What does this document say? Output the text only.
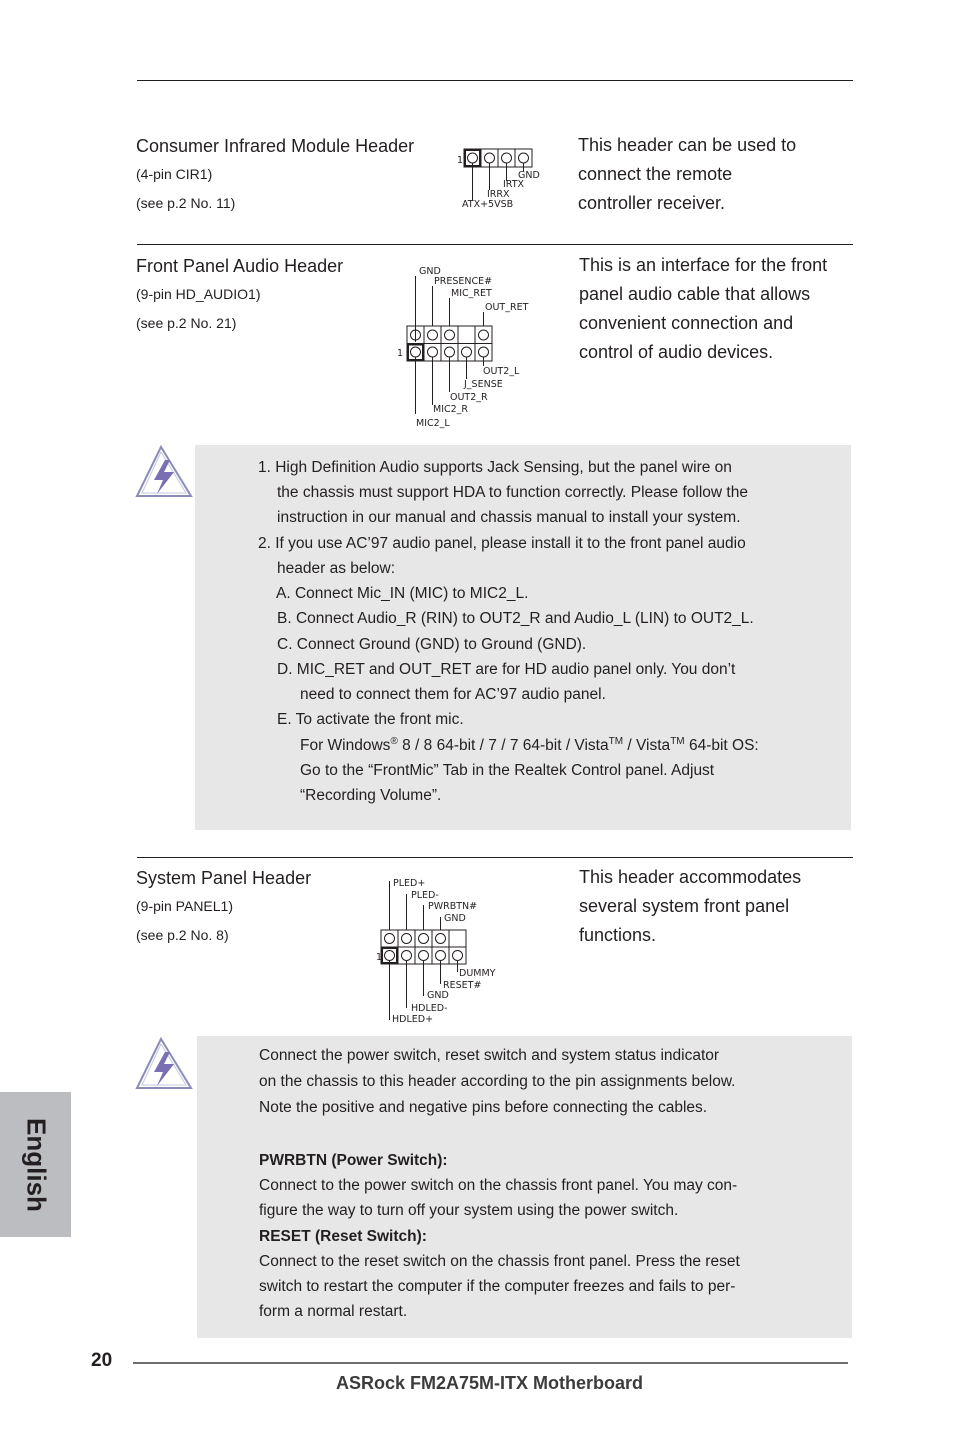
Consumer Infrared Module Header
(4-pin CIR1)
(see p.2 No. 11)
1
GND
IRTX
IRRX
ATX+5VSB
This header can be used to
connect the remote
controller receiver.
Front Panel Audio Header
(9-pin HD_AUDIO1)
(see p.2 No. 21)
GND
PRESENCE#
MIC_RET
OUT_RET
1
OUT2_L
J_SENSE
OUT2_R
MIC2_R
MIC2_L
This is an interface for the front
panel audio cable that allows
convenient connection and
control of audio devices.
1. High Definition Audio supports Jack Sensing, but the panel wire on
the chassis must support HDA to function correctly. Please follow the
instruction in our manual and chassis manual to install your system.
2. If you use AC’97 audio panel, please install it to the front panel audio
header as below:
A. Connect Mic_IN (MIC) to MIC2_L.
B. Connect Audio_R (RIN) to OUT2_R and Audio_L (LIN) to OUT2_L.
C. Connect Ground (GND) to Ground (GND).
D. MIC_RET and OUT_RET are for HD audio panel only. You don’t
need to connect them for AC’97 audio panel.
E. To activate the front mic.
For Windows® 8 / 8 64-bit / 7 / 7 64-bit / Vista™ / Vista™ 64-bit OS:
Go to the “FrontMic” Tab in the Realtek Control panel. Adjust
“Recording Volume”.
System Panel Header
(9-pin PANEL1)
(see p.2 No. 8)
PLED+
PLED-
PWRBTN#
GND
1
DUMMY
RESET#
GND
HDLED-
HDLED+
This header accommodates
several system front panel
functions.
Connect the power switch, reset switch and system status indicator
on the chassis to this header according to the pin assignments below.
Note the positive and negative pins before connecting the cables.
PWRBTN (Power Switch):
Connect to the power switch on the chassis front panel. You may con-
figure the way to turn off your system using the power switch.
RESET (Reset Switch):
Connect to the reset switch on the chassis front panel. Press the reset
switch to restart the computer if the computer freezes and fails to per-
form a normal restart.
English
20
ASRock FM2A75M-ITX Motherboard
